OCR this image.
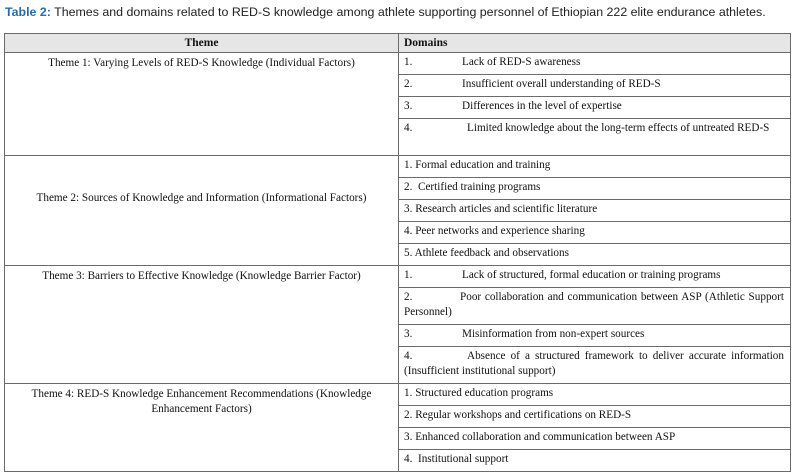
Table 2: Themes and domains related to RED-S knowledge among athlete supporting personnel of Ethiopian 222 elite endurance athletes.
Theme	Domains
Theme 1: Varying Levels of RED-S Knowledge (Individual Factors)	1. Lack of RED-S awareness
	2. Insufficient overall understanding of RED-S
	3. Differences in the level of expertise
	4. Limited knowledge about the long-term effects of untreated RED-S
Theme 2: Sources of Knowledge and Information (Informational Factors)	1. Formal education and training
	2. Certified training programs
	3. Research articles and scientific literature
	4. Peer networks and experience sharing
	5. Athlete feedback and observations
Theme 3: Barriers to Effective Knowledge (Knowledge Barrier Factor)	1. Lack of structured, formal education or training programs
	2. Poor collaboration and communication between ASP (Athletic Support Personnel)
	3. Misinformation from non-expert sources
	4. Absence of a structured framework to deliver accurate information (Insufficient institutional support)
Theme 4: RED-S Knowledge Enhancement Recommendations (Knowledge Enhancement Factors)	1. Structured education programs
	2. Regular workshops and certifications on RED-S
	3. Enhanced collaboration and communication between ASP
	4. Institutional support
